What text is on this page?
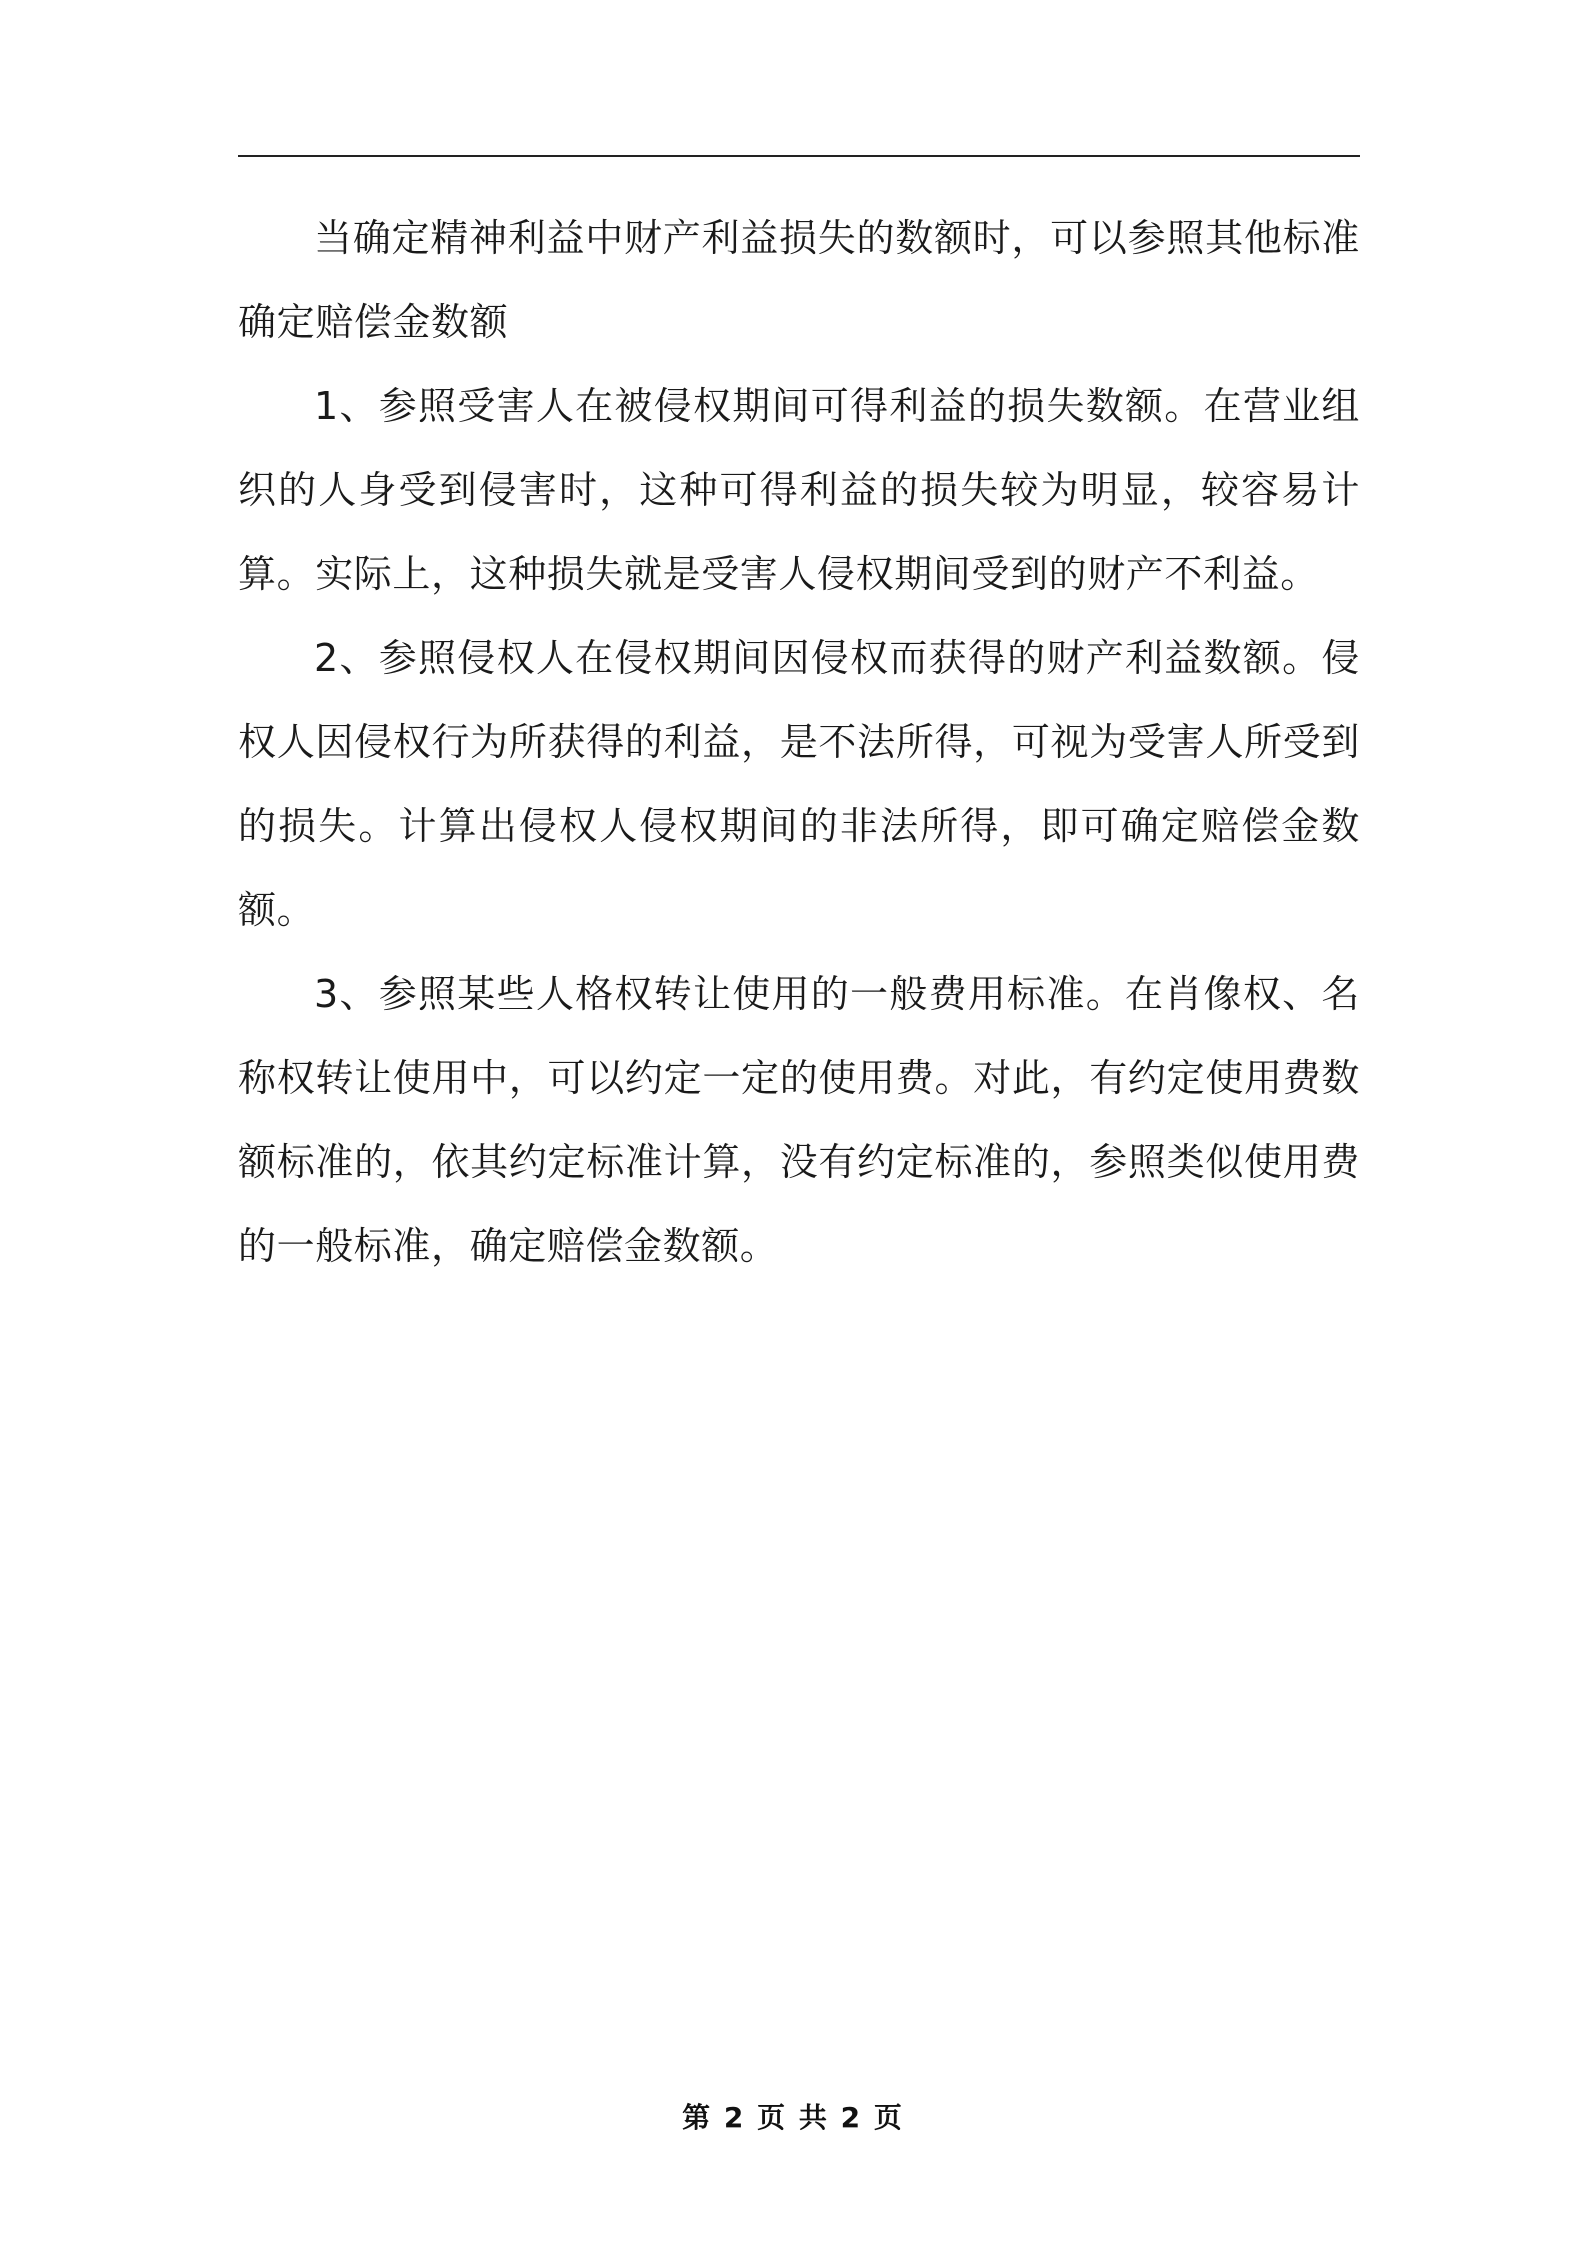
当确定精神利益中财产利益损失的数额时，可以参照其他标准确定赔偿金数额

1、参照受害人在被侵权期间可得利益的损失数额。在营业组织的人身受到侵害时，这种可得利益的损失较为明显，较容易计算。实际上，这种损失就是受害人侵权期间受到的财产不利益。

2、参照侵权人在侵权期间因侵权而获得的财产利益数额。侵权人因侵权行为所获得的利益，是不法所得，可视为受害人所受到的损失。计算出侵权人侵权期间的非法所得，即可确定赔偿金数额。

3、参照某些人格权转让使用的一般费用标准。在肖像权、名称权转让使用中，可以约定一定的使用费。对此，有约定使用费数额标准的，依其约定标准计算，没有约定标准的，参照类似使用费的一般标准，确定赔偿金数额。

第 2 页 共 2 页
